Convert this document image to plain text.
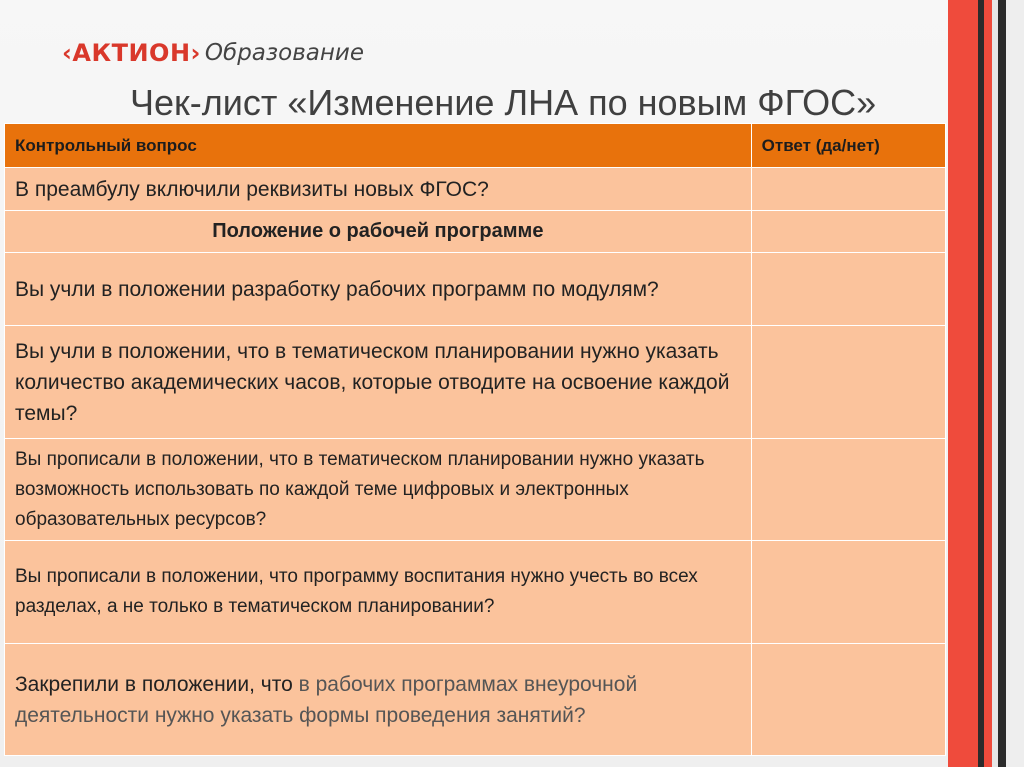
‹АКТИОН› Образование
Чек-лист «Изменение ЛНА по новым ФГОС»
Контрольный вопрос	Ответ (да/нет)
В преамбулу включили реквизиты новых ФГОС?	
Положение о рабочей программе	
Вы учли в положении разработку рабочих программ по модулям?	
Вы учли в положении, что в тематическом планировании нужно указать количество академических часов, которые отводите на освоение каждой темы?	
Вы прописали в положении, что в тематическом планировании нужно указать возможность использовать по каждой теме цифровых и электронных образовательных ресурсов?	
Вы прописали в положении, что программу воспитания нужно учесть во всех разделах, а не только в тематическом планировании?	
Закрепили в положении, что в рабочих программах внеурочной деятельности нужно указать формы проведения занятий?	
